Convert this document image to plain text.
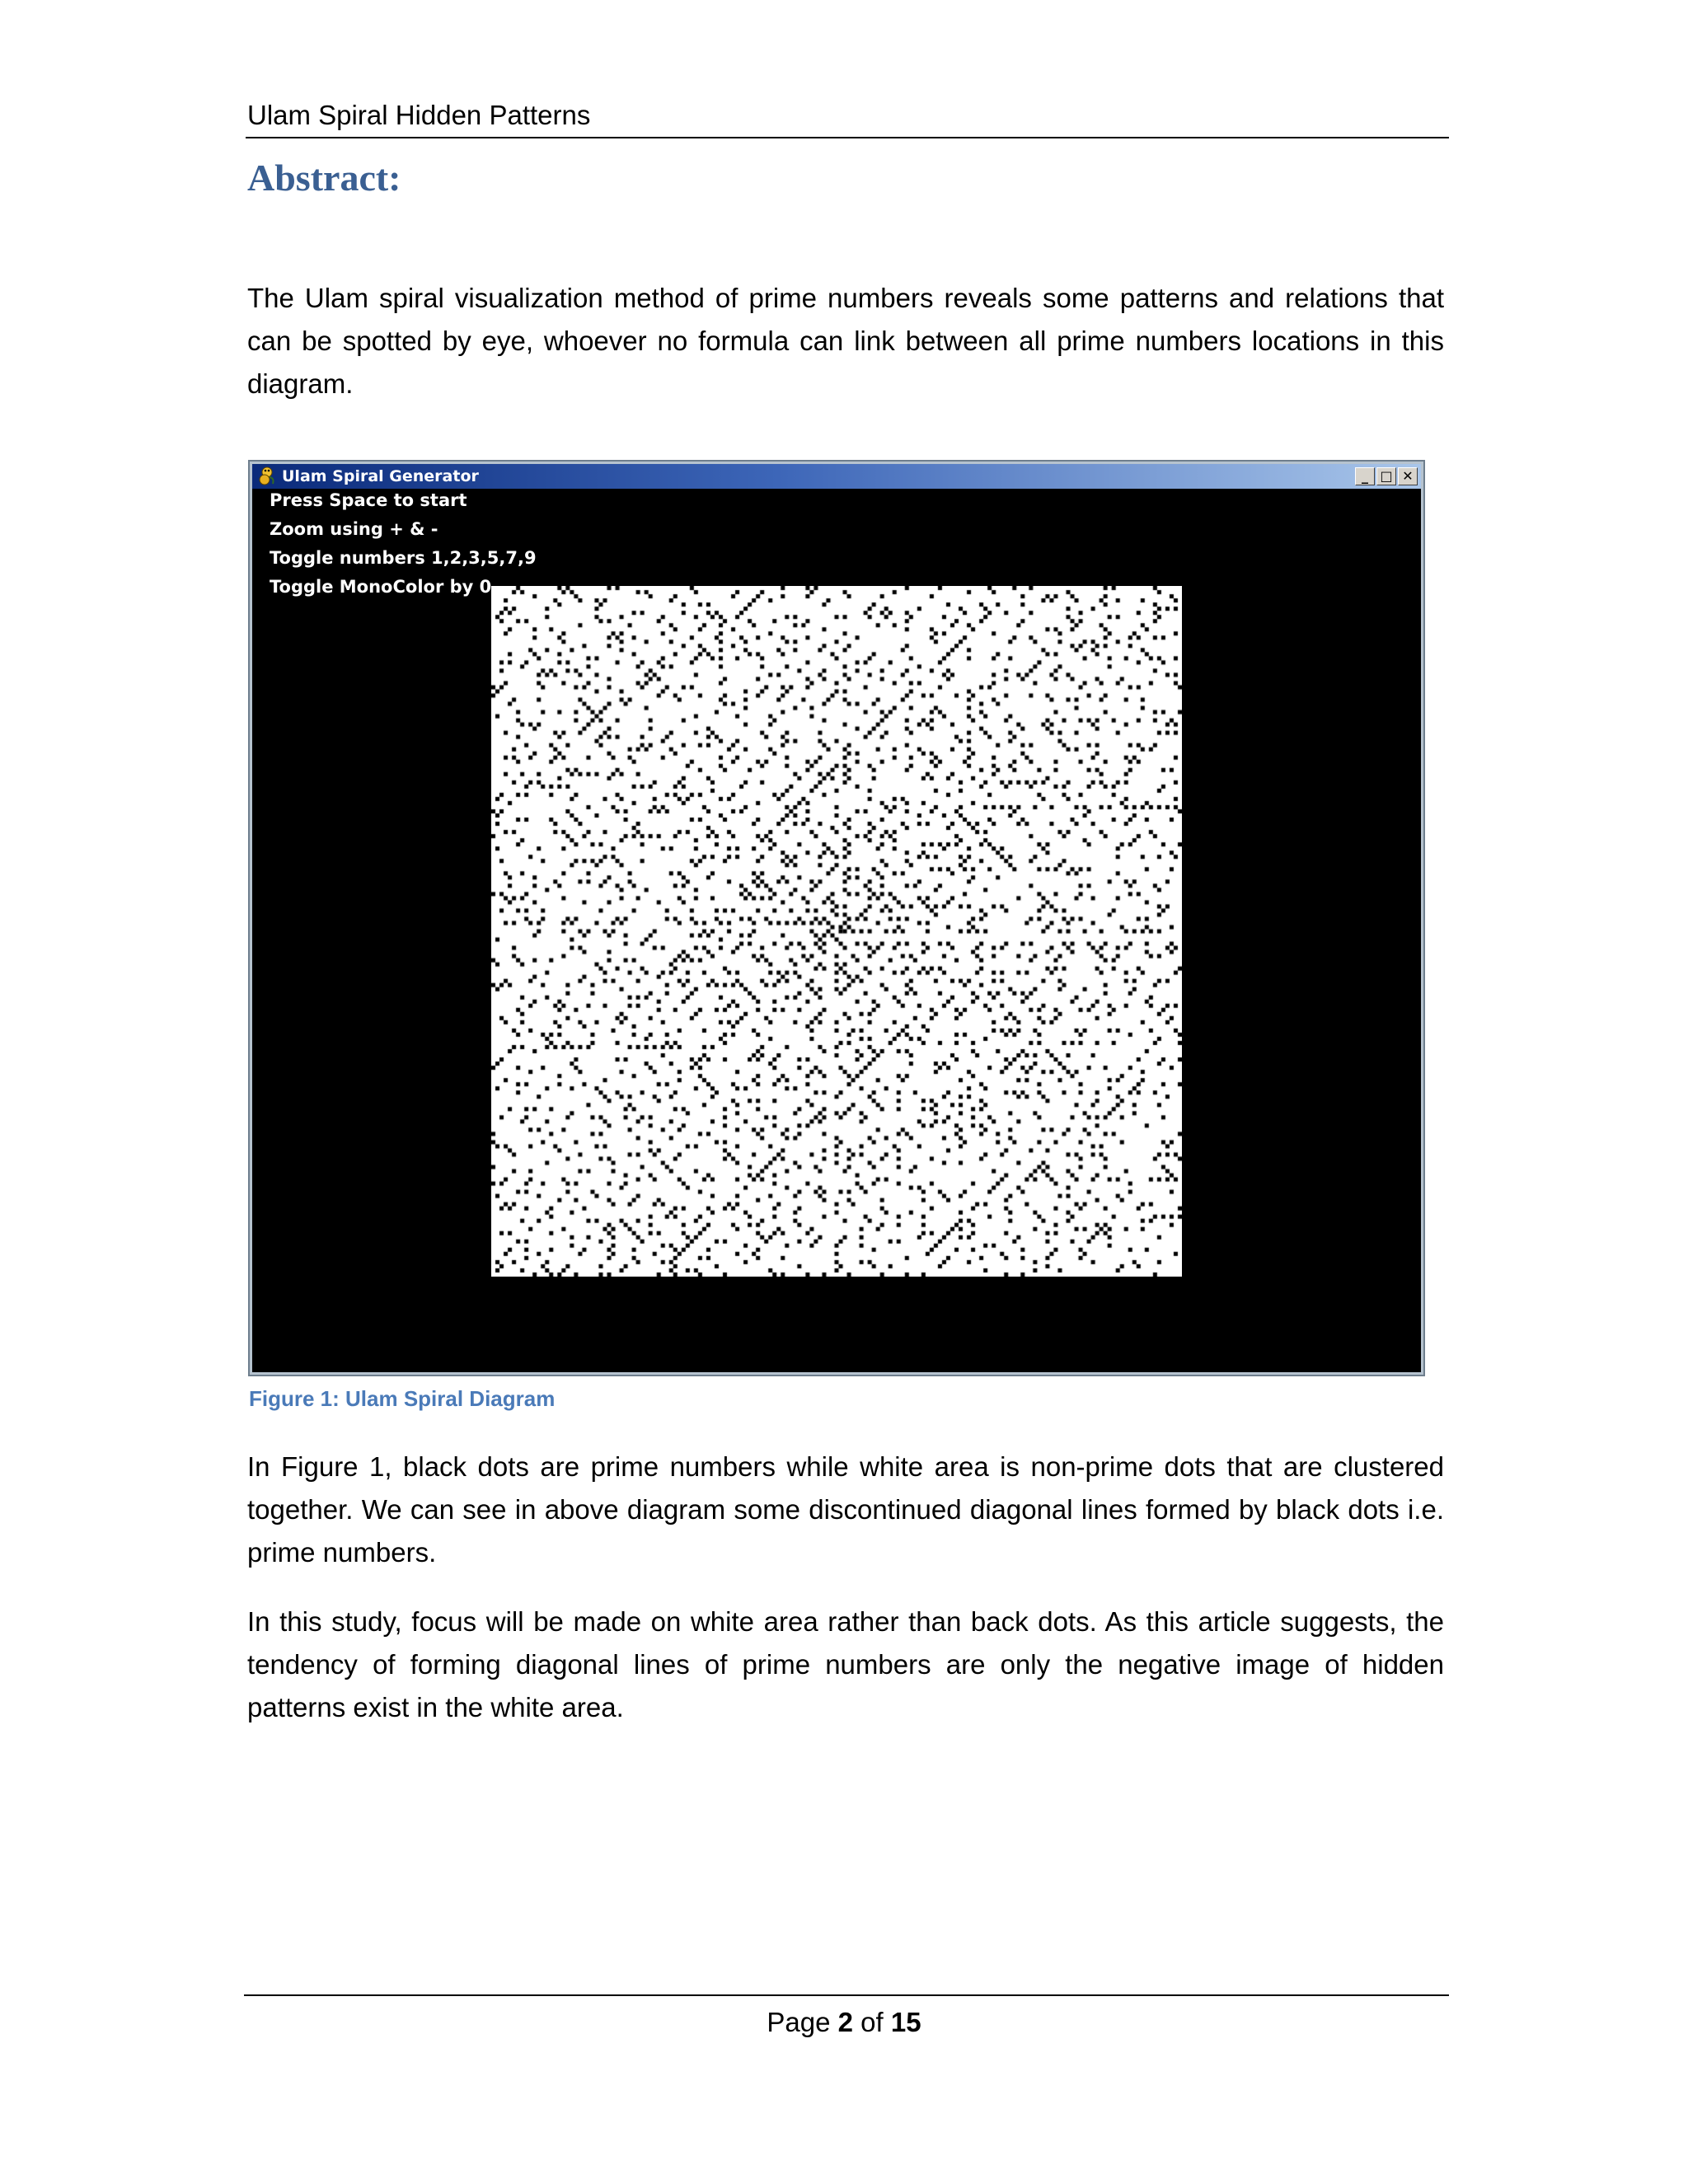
Ulam Spiral Hidden Patterns
Abstract:

The Ulam spiral visualization method of prime numbers reveals some patterns and relations that can be spotted by eye, whoever no formula can link between all prime numbers locations in this diagram.

Ulam Spiral Generator	_ □ ✕
Press Space to start
Zoom using + & -
Toggle numbers 1,2,3,5,7,9
Toggle MonoColor by 0

Figure 1: Ulam Spiral Diagram

In Figure 1, black dots are prime numbers while white area is non-prime dots that are clustered together. We can see in above diagram some discontinued diagonal lines formed by black dots i.e. prime numbers.

In this study, focus will be made on white area rather than back dots. As this article suggests, the tendency of forming diagonal lines of prime numbers are only the negative image of hidden patterns exist in the white area.

Page 2 of 15
